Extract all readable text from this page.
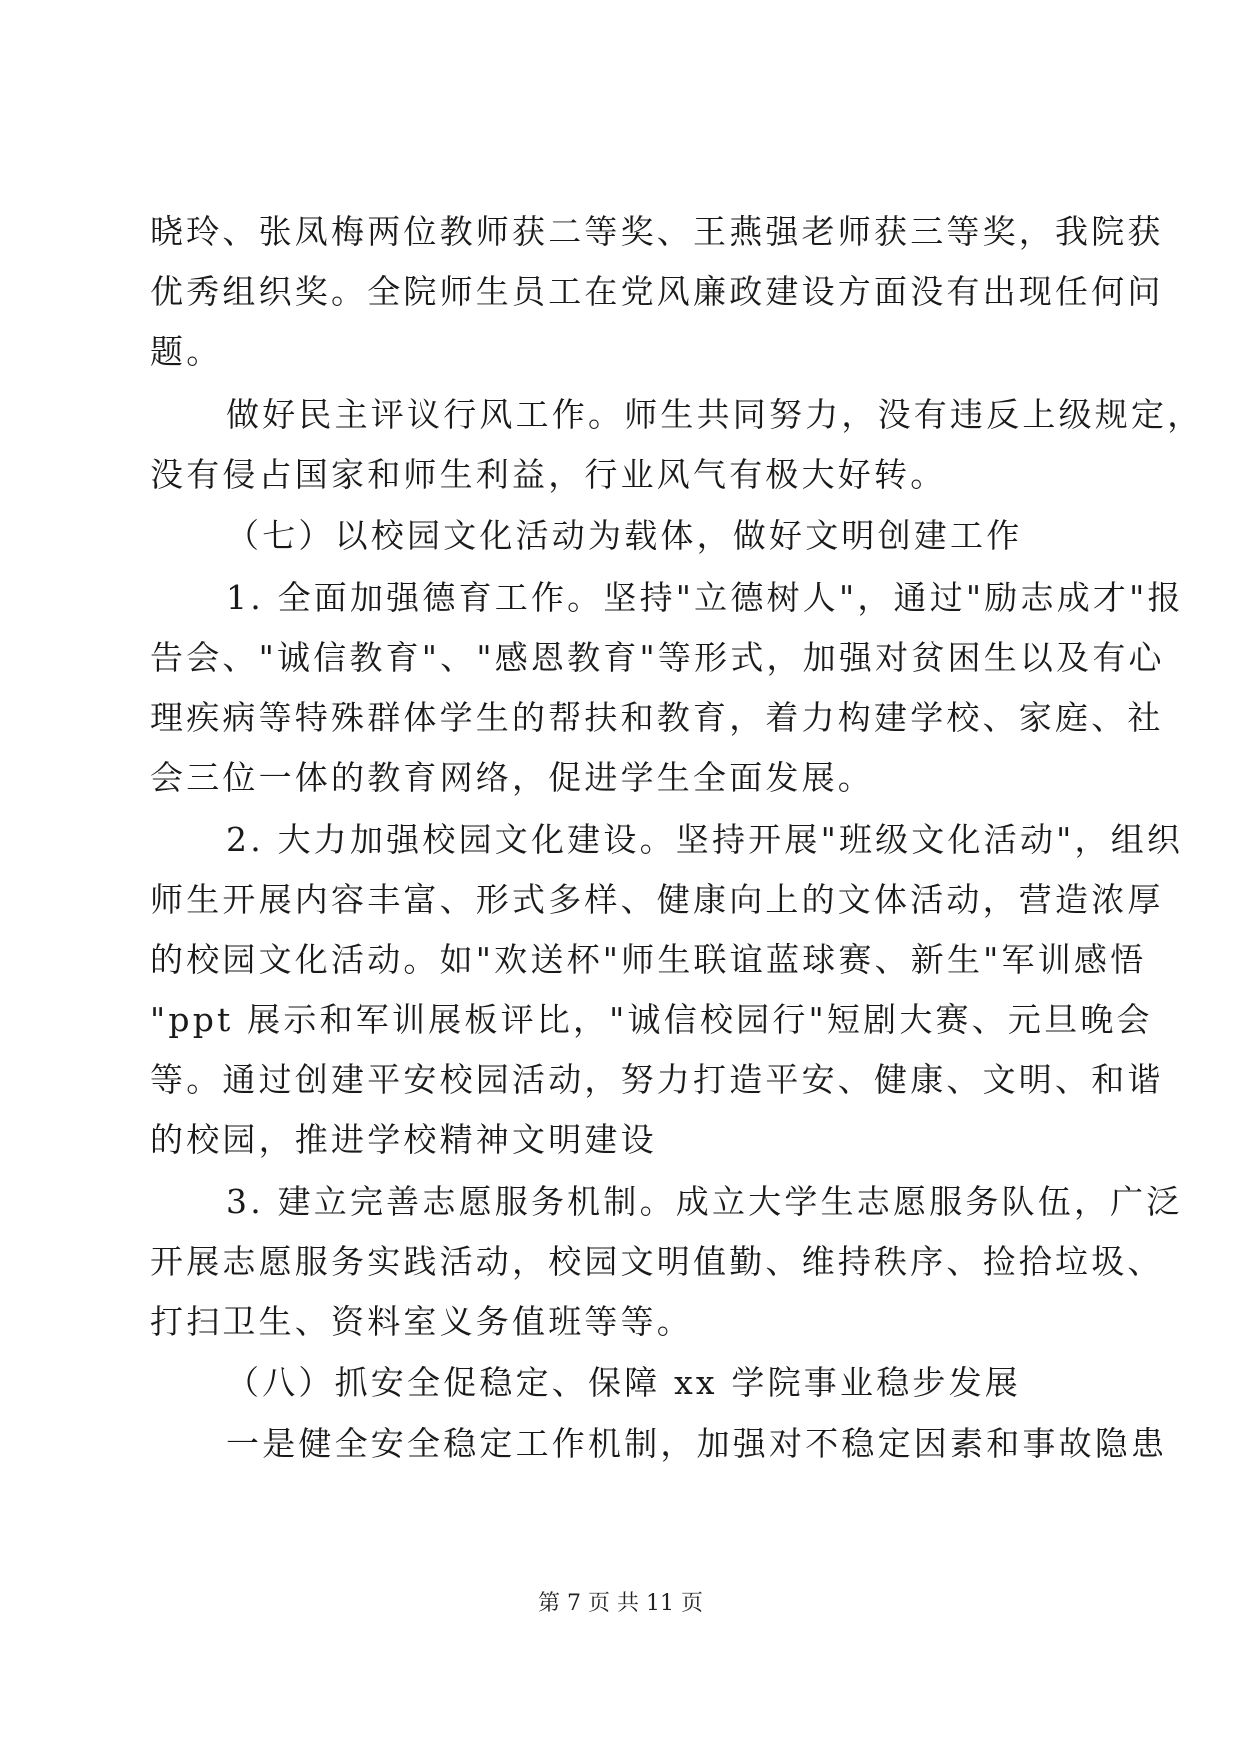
晓玲、张凤梅两位教师获二等奖、王燕强老师获三等奖，我院获
优秀组织奖。全院师生员工在党风廉政建设方面没有出现任何问
题。
做好民主评议行风工作。师生共同努力，没有违反上级规定，
没有侵占国家和师生利益，行业风气有极大好转。
（七）以校园文化活动为载体，做好文明创建工作
1. 全面加强德育工作。坚持"立德树人"，通过"励志成才"报
告会、"诚信教育"、"感恩教育"等形式，加强对贫困生以及有心
理疾病等特殊群体学生的帮扶和教育，着力构建学校、家庭、社
会三位一体的教育网络，促进学生全面发展。
2. 大力加强校园文化建设。坚持开展"班级文化活动"，组织
师生开展内容丰富、形式多样、健康向上的文体活动，营造浓厚
的校园文化活动。如"欢送杯"师生联谊蓝球赛、新生"军训感悟
"ppt 展示和军训展板评比，"诚信校园行"短剧大赛、元旦晚会
等。通过创建平安校园活动，努力打造平安、健康、文明、和谐
的校园，推进学校精神文明建设
3. 建立完善志愿服务机制。成立大学生志愿服务队伍，广泛
开展志愿服务实践活动，校园文明值勤、维持秩序、捡拾垃圾、
打扫卫生、资料室义务值班等等。
（八）抓安全促稳定、保障 xx 学院事业稳步发展
一是健全安全稳定工作机制，加强对不稳定因素和事故隐患
第 7 页 共 11 页
